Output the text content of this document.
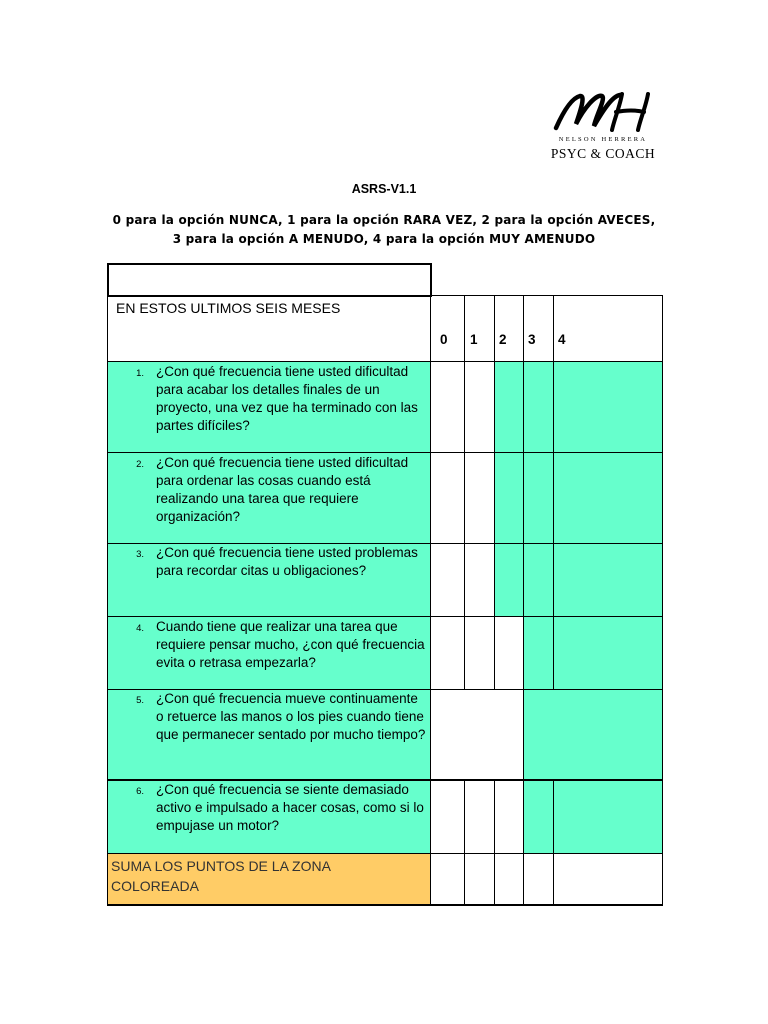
NELSON HERRERA
PSYC & COACH
ASRS-V1.1
0 para la opción NUNCA, 1 para la opción RARA VEZ, 2 para la opción AVECES,
3 para la opción A MENUDO, 4 para la opción MUY AMENUDO
EN ESTOS ULTIMOS SEIS MESES
0 1 2 3 4
1. ¿Con qué frecuencia tiene usted dificultad para acabar los detalles finales de un proyecto, una vez que ha terminado con las partes difíciles?
2. ¿Con qué frecuencia tiene usted dificultad para ordenar las cosas cuando está realizando una tarea que requiere organización?
3. ¿Con qué frecuencia tiene usted problemas para recordar citas u obligaciones?
4. Cuando tiene que realizar una tarea que requiere pensar mucho, ¿con qué frecuencia evita o retrasa empezarla?
5. ¿Con qué frecuencia mueve continuamente o retuerce las manos o los pies cuando tiene que permanecer sentado por mucho tiempo?
6. ¿Con qué frecuencia se siente demasiado activo e impulsado a hacer cosas, como si lo empujase un motor?
SUMA LOS PUNTOS DE LA ZONA COLOREADA
